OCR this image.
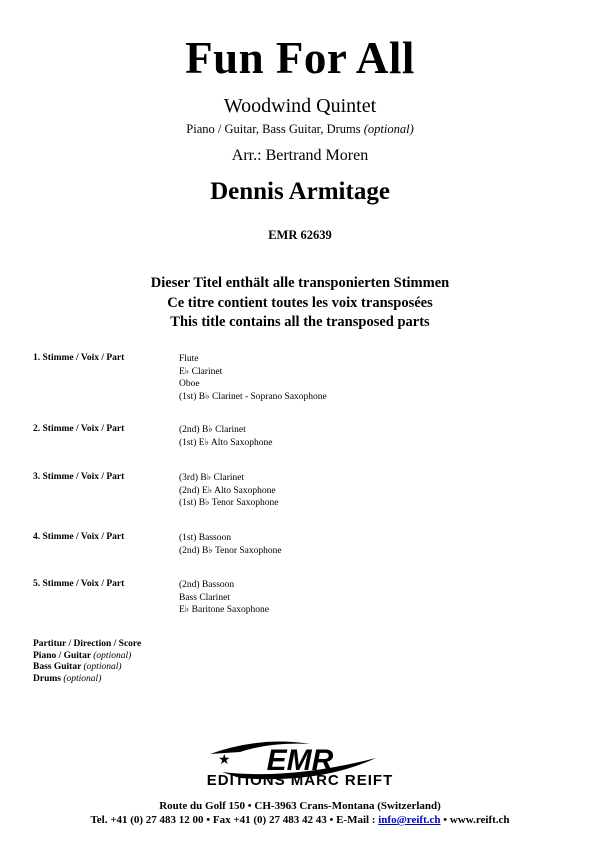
Fun For All
Woodwind Quintet
Piano / Guitar, Bass Guitar, Drums (optional)
Arr.: Bertrand Moren
Dennis Armitage
EMR 62639
Dieser Titel enthält alle transponierten Stimmen
Ce titre contient toutes les voix transposées
This title contains all the transposed parts
1. Stimme / Voix / Part	Flute
E♭ Clarinet
Oboe
(1st) B♭ Clarinet - Soprano Saxophone
2. Stimme / Voix / Part	(2nd) B♭ Clarinet
(1st) E♭ Alto Saxophone
3. Stimme / Voix / Part	(3rd) B♭ Clarinet
(2nd) E♭ Alto Saxophone
(1st) B♭ Tenor Saxophone
4. Stimme / Voix / Part	(1st) Bassoon
(2nd) B♭ Tenor Saxophone
5. Stimme / Voix / Part	(2nd) Bassoon
Bass Clarinet
E♭ Baritone Saxophone
Partitur / Direction / Score
Piano / Guitar (optional)
Bass Guitar (optional)
Drums (optional)
★ EMR
EDITIONS MARC REIFT
Route du Golf 150 • CH-3963 Crans-Montana (Switzerland)
Tel. +41 (0) 27 483 12 00 • Fax +41 (0) 27 483 42 43 • E-Mail : info@reift.ch • www.reift.ch
